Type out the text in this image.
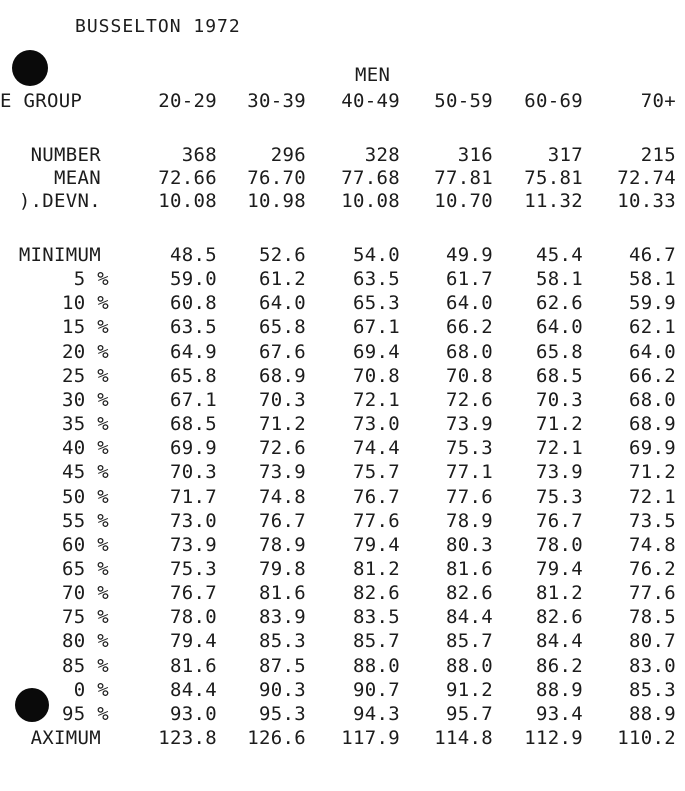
BUSSELTON 1972
MEN
E GROUP	20-29	30-39	40-49	50-59	60-69	70+
NUMBER	368	296	328	316	317	215
MEAN	72.66	76.70	77.68	77.81	75.81	72.74
).DEVN.	10.08	10.98	10.08	10.70	11.32	10.33
MINIMUM	48.5	52.6	54.0	49.9	45.4	46.7
5 %	59.0	61.2	63.5	61.7	58.1	58.1
10 %	60.8	64.0	65.3	64.0	62.6	59.9
15 %	63.5	65.8	67.1	66.2	64.0	62.1
20 %	64.9	67.6	69.4	68.0	65.8	64.0
25 %	65.8	68.9	70.8	70.8	68.5	66.2
30 %	67.1	70.3	72.1	72.6	70.3	68.0
35 %	68.5	71.2	73.0	73.9	71.2	68.9
40 %	69.9	72.6	74.4	75.3	72.1	69.9
45 %	70.3	73.9	75.7	77.1	73.9	71.2
50 %	71.7	74.8	76.7	77.6	75.3	72.1
55 %	73.0	76.7	77.6	78.9	76.7	73.5
60 %	73.9	78.9	79.4	80.3	78.0	74.8
65 %	75.3	79.8	81.2	81.6	79.4	76.2
70 %	76.7	81.6	82.6	82.6	81.2	77.6
75 %	78.0	83.9	83.5	84.4	82.6	78.5
80 %	79.4	85.3	85.7	85.7	84.4	80.7
85 %	81.6	87.5	88.0	88.0	86.2	83.0
0 %	84.4	90.3	90.7	91.2	88.9	85.3
95 %	93.0	95.3	94.3	95.7	93.4	88.9
AXIMUM	123.8	126.6	117.9	114.8	112.9	110.2
